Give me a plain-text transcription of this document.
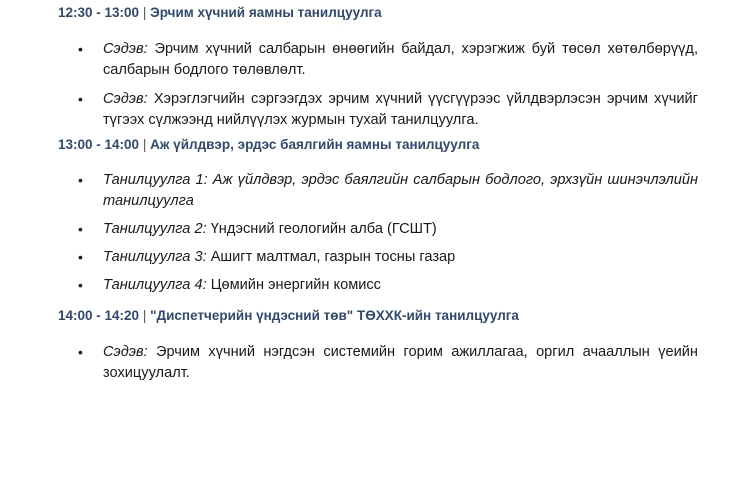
12:30 - 13:00 | Эрчим хүчний яамны танилцуулга
• Сэдэв: Эрчим хүчний салбарын өнөөгийн байдал, хэрэгжиж буй төсөл хөтөлбөрүүд, салбарын бодлого төлөвлөлт.
• Сэдэв: Хэрэглэгчийн сэргээгдэх эрчим хүчний үүсгүүрээс үйлдвэрлэсэн эрчим хүчийг түгээх сүлжээнд нийлүүлэх журмын тухай танилцуулга.
13:00 - 14:00 | Аж үйлдвэр, эрдэс баялгийн яамны танилцуулга
• Танилцуулга 1: Аж үйлдвэр, эрдэс баялгийн салбарын бодлого, эрхзүйн шинэчлэлийн танилцуулга
• Танилцуулга 2: Үндэсний геологийн алба (ГСШТ)
• Танилцуулга 3: Ашигт малтмал, газрын тосны газар
• Танилцуулга 4: Цөмийн энергийн комисс
14:00 - 14:20 | "Диспетчерийн үндэсний төв" ТӨХХК-ийн танилцуулга
• Сэдэв: Эрчим хүчний нэгдсэн системийн горим ажиллагаа, оргил ачааллын үеийн зохицуулалт.
